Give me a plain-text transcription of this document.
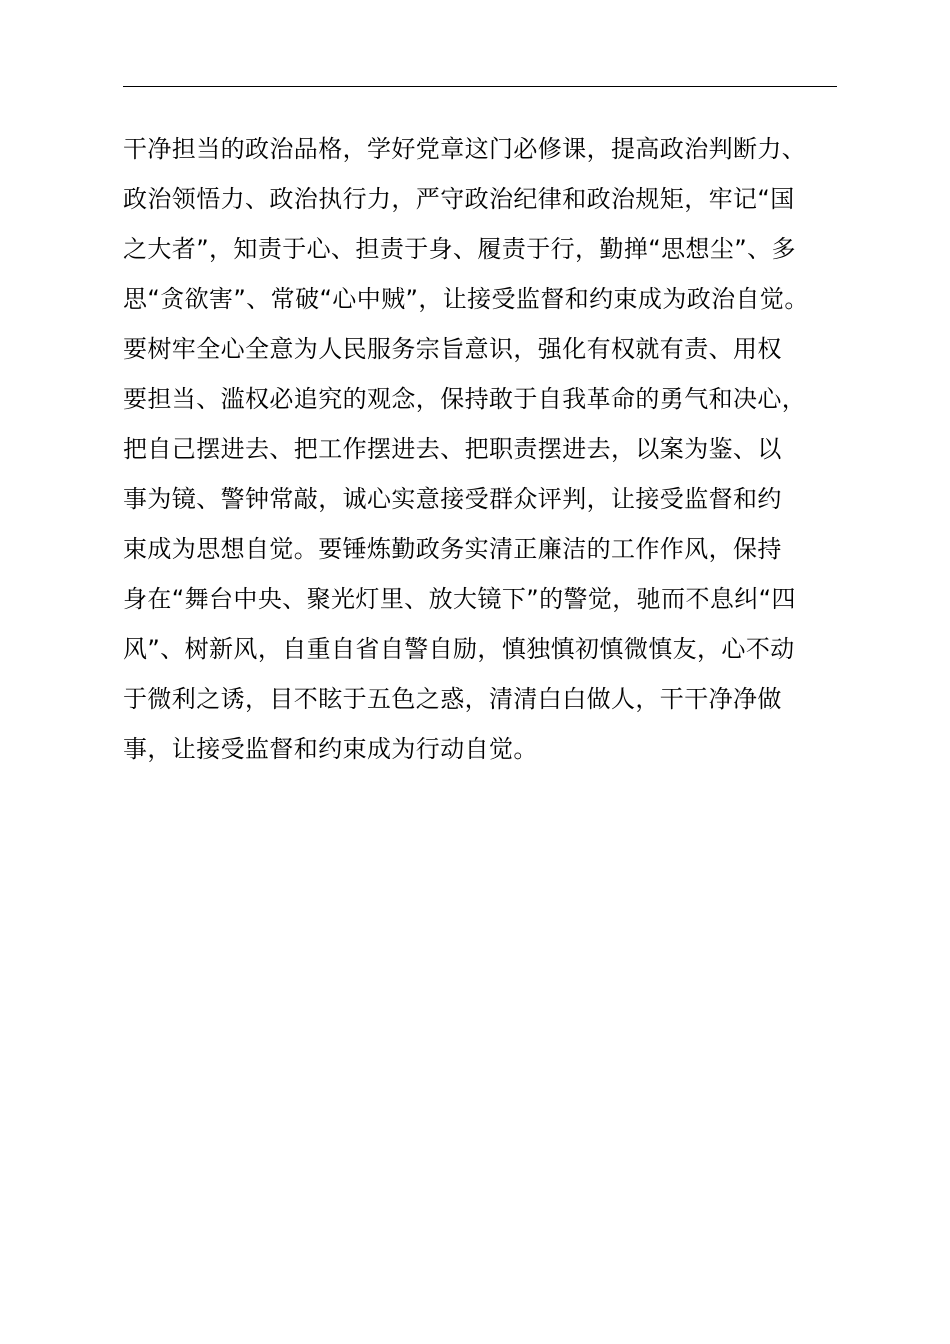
干净担当的政治品格，学好党章这门必修课，提高政治判断力、
政治领悟力、政治执行力，严守政治纪律和政治规矩，牢记“国
之大者”，知责于心、担责于身、履责于行，勤掸“思想尘”、多
思“贪欲害”、常破“心中贼”，让接受监督和约束成为政治自觉。
要树牢全心全意为人民服务宗旨意识，强化有权就有责、用权
要担当、滥权必追究的观念，保持敢于自我革命的勇气和决心，
把自己摆进去、把工作摆进去、把职责摆进去，以案为鉴、以
事为镜、警钟常敲，诚心实意接受群众评判，让接受监督和约
束成为思想自觉。要锤炼勤政务实清正廉洁的工作作风，保持
身在“舞台中央、聚光灯里、放大镜下”的警觉，驰而不息纠“四
风”、树新风，自重自省自警自励，慎独慎初慎微慎友，心不动
于微利之诱，目不眩于五色之惑，清清白白做人，干干净净做
事，让接受监督和约束成为行动自觉。
